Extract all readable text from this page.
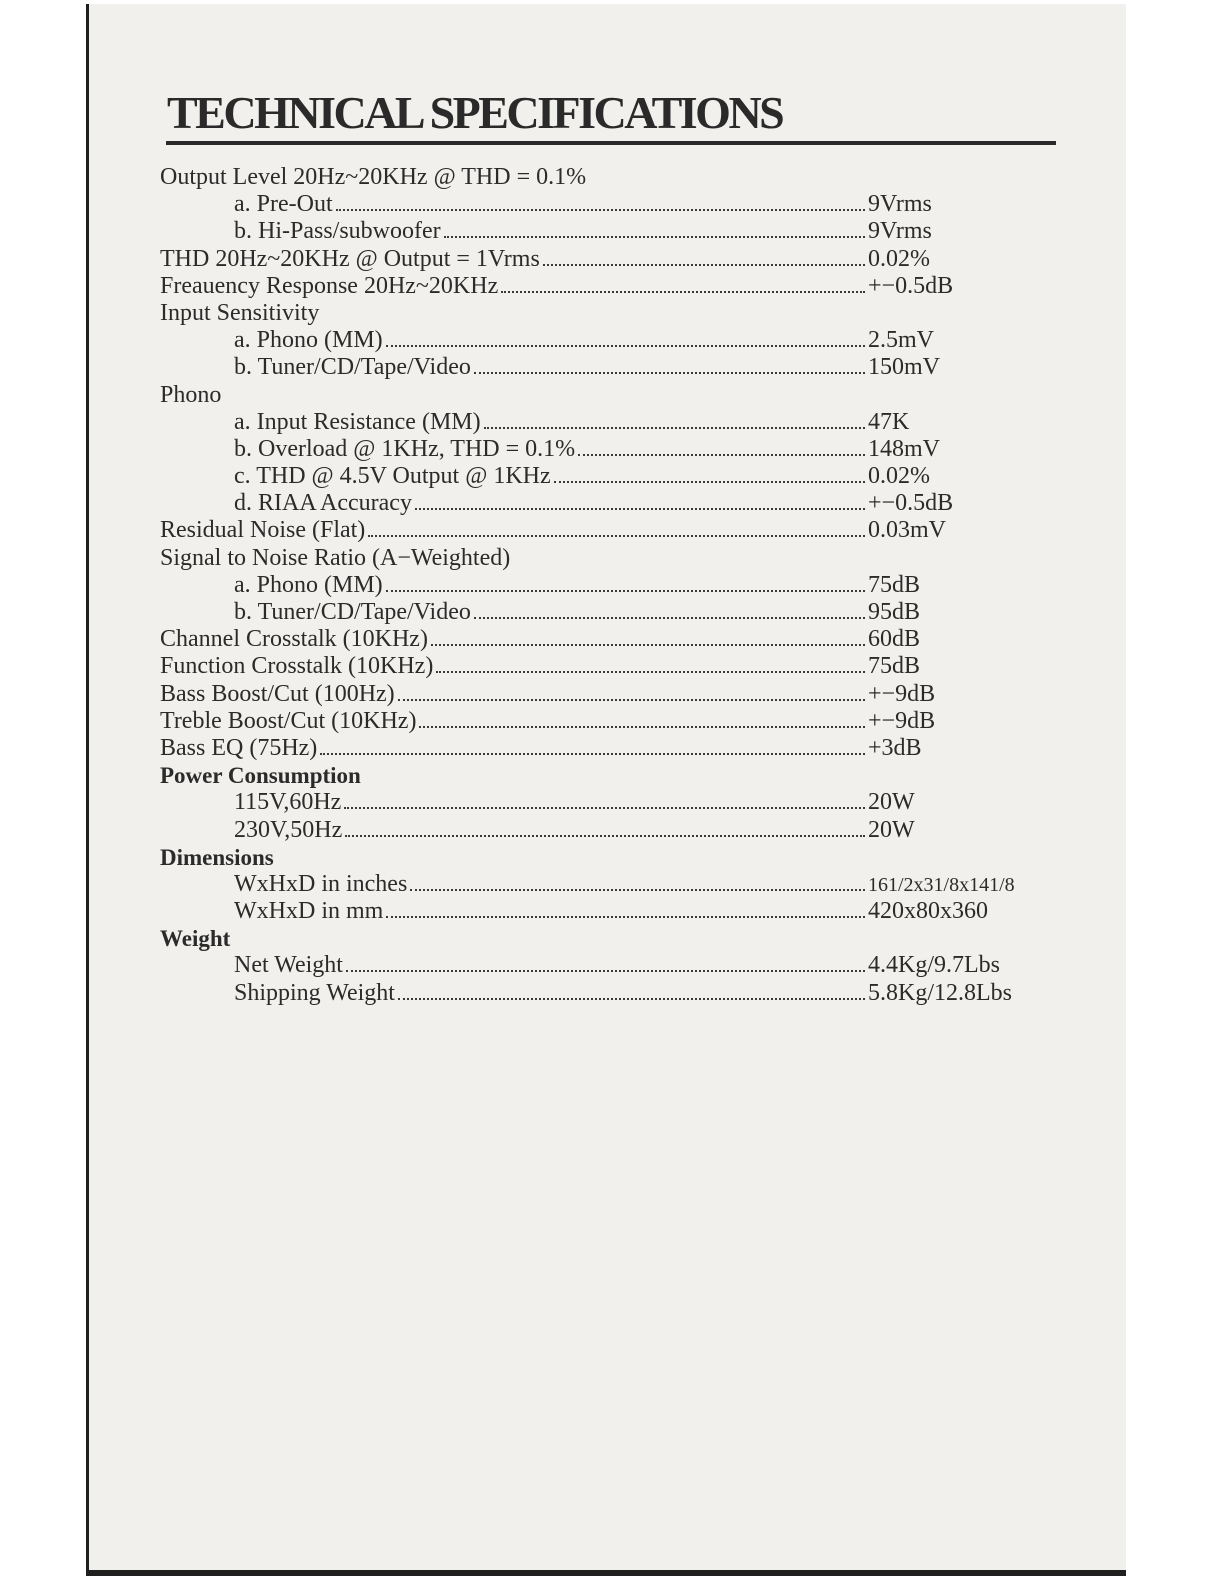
TECHNICAL SPECIFICATIONS
Output Level 20Hz~20KHz @ THD = 0.1%
a. Pre-Out	9Vrms
b. Hi-Pass/subwoofer	9Vrms
THD 20Hz~20KHz @ Output = 1Vrms	0.02%
Freauency Response 20Hz~20KHz	+−0.5dB
Input Sensitivity
a. Phono (MM)	2.5mV
b. Tuner/CD/Tape/Video	150mV
Phono
a. Input Resistance (MM)	47K
b. Overload @ 1KHz, THD = 0.1%	148mV
c. THD @ 4.5V Output @ 1KHz	0.02%
d. RIAA Accuracy	+−0.5dB
Residual Noise (Flat)	0.03mV
Signal to Noise Ratio (A−Weighted)
a. Phono (MM)	75dB
b. Tuner/CD/Tape/Video	95dB
Channel Crosstalk (10KHz)	60dB
Function Crosstalk (10KHz)	75dB
Bass Boost/Cut (100Hz)	+−9dB
Treble Boost/Cut (10KHz)	+−9dB
Bass EQ (75Hz)	+3dB
Power Consumption
115V,60Hz	20W
230V,50Hz	20W
Dimensions
WxHxD in inches	161/2x31/8x141/8
WxHxD in mm	420x80x360
Weight
Net Weight	4.4Kg/9.7Lbs
Shipping Weight	5.8Kg/12.8Lbs
